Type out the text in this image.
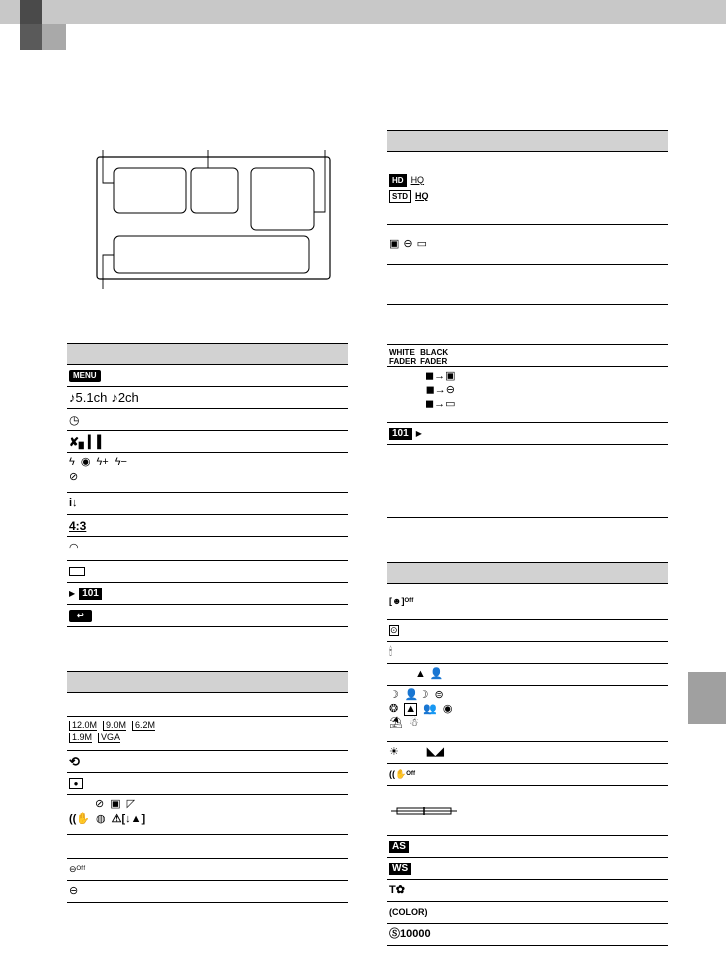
MENU
♪5.1ch ♪2ch
◷
✘▖▎▍
ϟ ◉ ϟ+ ϟ−
⊘
i↓
4:3
◠
▶ 101
↩
12.0M	9.0M	6.2M
1.9M	VGA
⟲
●
⊘ ▣ ◸
((✋ ◍ ⚠[↓▲]
⊖ᴼᶠᶠ
⊖
HD HQ
STD HQ
▣ ⊖ ▭
WHITE BLACK
FADER FADER
◼→▣
◼→⊖
◼→▭
101 ▶
[☻]ᴼᶠᶠ
⊙
🕯
▲ 👤
☽ 👤☽ ⊜
❂ ▲ 👥 ◉
⛱ ☃
☀	◣◢
((✋ᴼᶠᶠ
AS
WS
T✿
( COLOR )
Ⓢ 10000
